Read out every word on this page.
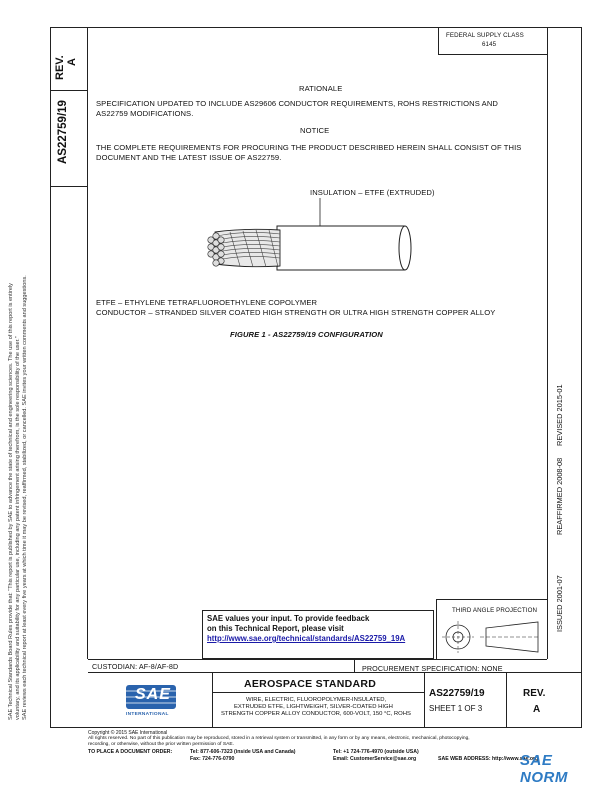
REV. A
AS22759/19
SAE Technical Standards Board Rules provide that: “This report is published by SAE to advance the state of technical and engineering sciences. The use of this report is entirely voluntary, and its applicability and suitability for any particular use, including any patent infringement arising therefrom, is the sole responsibility of the user.” SAE reviews each technical report at least every five years at which time it may be revised, reaffirmed, stabilized, or cancelled. SAE invites your written comments and suggestions.	ISSUED 2001-07
REAFFIRMED 2008-08
REVISED 2015-01
FEDERAL SUPPLY CLASS
6145
RATIONALE
SPECIFICATION UPDATED TO INCLUDE AS29606 CONDUCTOR REQUIREMENTS, ROHS RESTRICTIONS AND
AS22759 MODIFICATIONS.
NOTICE
THE COMPLETE REQUIREMENTS FOR PROCURING THE PRODUCT DESCRIBED HEREIN SHALL CONSIST OF THIS
DOCUMENT AND THE LATEST ISSUE OF AS22759.
INSULATION – ETFE (EXTRUDED)
ETFE – ETHYLENE TETRAFLUOROETHYLENE COPOLYMER
CONDUCTOR – STRANDED SILVER COATED HIGH STRENGTH OR ULTRA HIGH STRENGTH COPPER ALLOY
FIGURE 1 - AS22759/19 CONFIGURATION
THIRD ANGLE PROJECTION
SAE values your input. To provide feedback
on this Technical Report, please visit
http://www.sae.org/technical/standards/AS22759_19A
CUSTODIAN: AF-8/AF-8D	PROCUREMENT SPECIFICATION: NONE
SAE
INTERNATIONAL
AEROSPACE STANDARD
WIRE, ELECTRIC, FLUOROPOLYMER-INSULATED,
EXTRUDED ETFE, LIGHTWEIGHT, SILVER-COATED HIGH
STRENGTH COPPER ALLOY CONDUCTOR, 600-VOLT, 150 °C, ROHS
AS22759/19
SHEET 1 OF 3
REV.
A
Copyright © 2015 SAE International
All rights reserved. No part of this publication may be reproduced, stored in a retrieval system or transmitted, in any form or by any means, electronic, mechanical, photocopying,
recording, or otherwise, without the prior written permission of SAE.
TO PLACE A DOCUMENT ORDER:	Tel: 877-606-7323 (inside USA and Canada)	Tel: +1 724-776-4970 (outside USA)
Fax: 724-776-0790	Email: CustomerService@sae.org	SAE WEB ADDRESS: http://www.sae.org
SAE NORM
